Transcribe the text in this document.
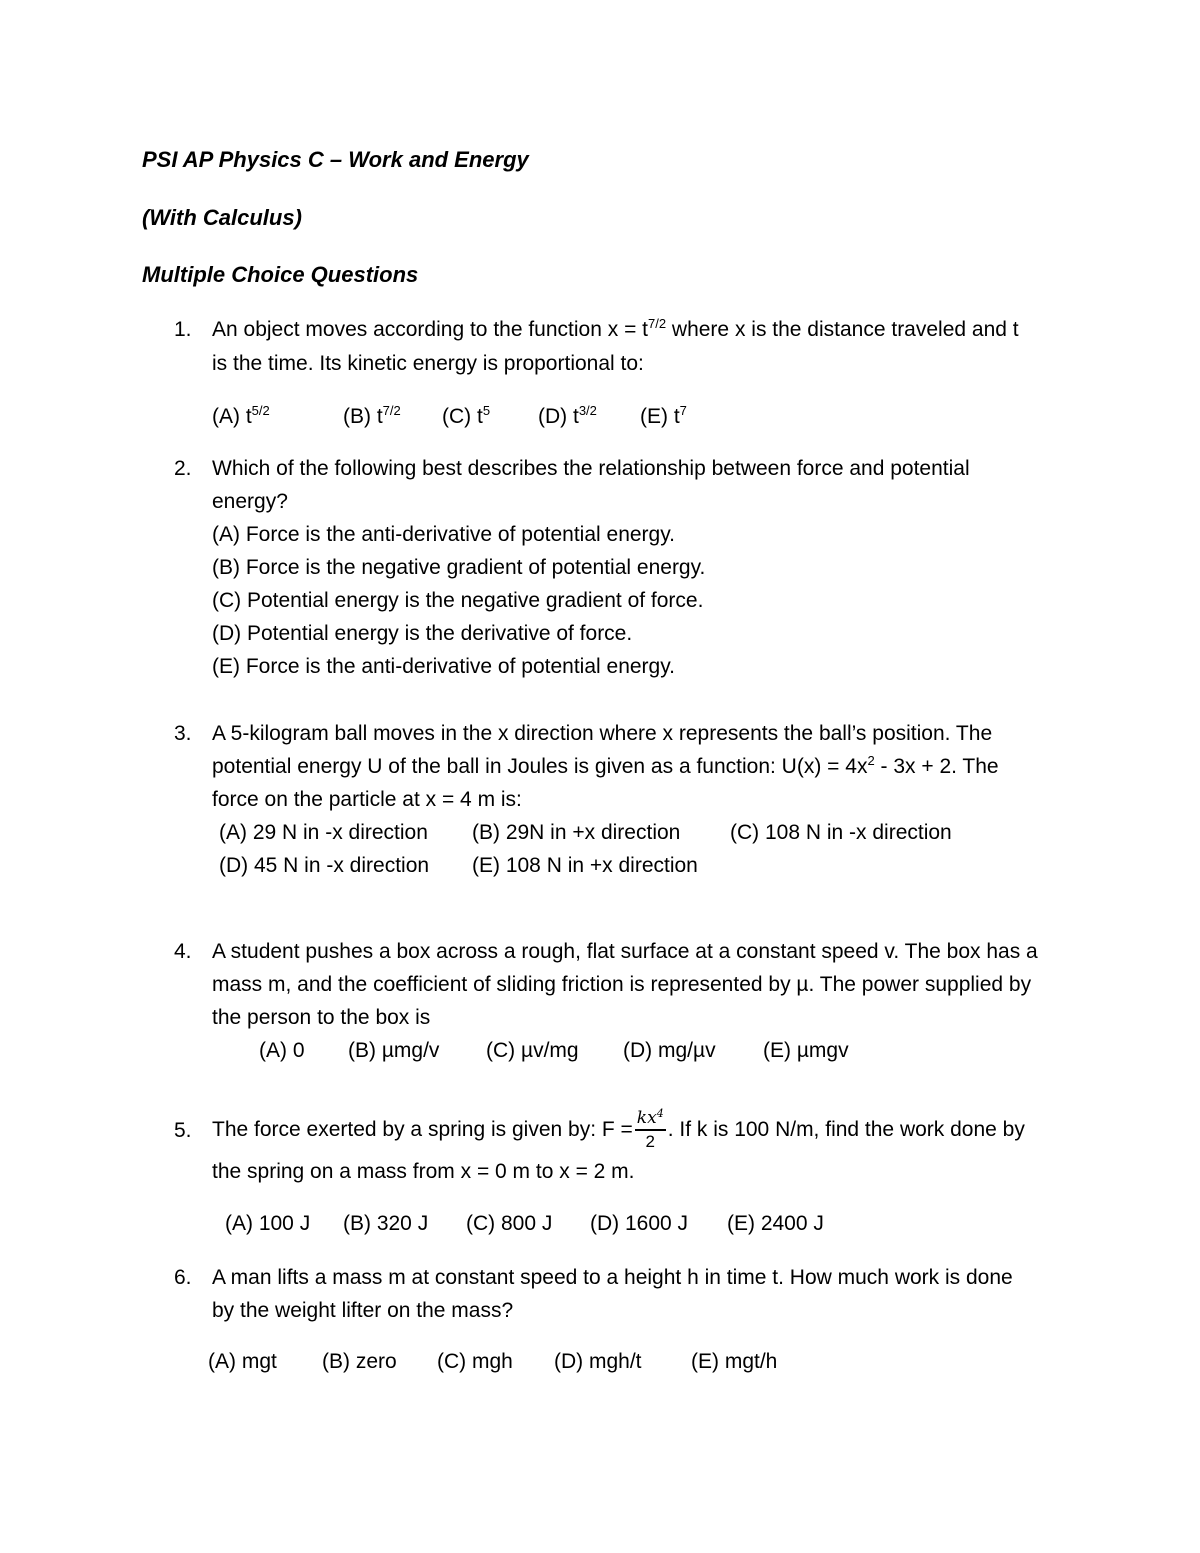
PSI AP Physics C – Work and Energy
(With Calculus)
Multiple Choice Questions
1. An object moves according to the function $x = t^{7/2}$ where x is the distance traveled and t
is the time. Its kinetic energy is proportional to:
(A) $t^{5/2}$	(B) $t^{7/2}$ (C) $t^5$ (D) $t^{3/2}$ (E) $t^7$
2. Which of the following best describes the relationship between force and potential
energy?
(A) Force is the anti-derivative of potential energy.
(B) Force is the negative gradient of potential energy.
(C) Potential energy is the negative gradient of force.
(D) Potential energy is the derivative of force.
(E) Force is the anti-derivative of potential energy.
3. A 5-kilogram ball moves in the x direction where x represents the ball’s position. The
potential energy U of the ball in Joules is given as a function: $U(x) = 4x^2 - 3x + 2$. The
force on the particle at x = 4 m is:
(A) 29 N in -x direction (B) 29N in +x direction (C) 108 N in -x direction
(D) 45 N in -x direction (E) 108 N in +x direction
4. A student pushes a box across a rough, flat surface at a constant speed v. The box has a
mass m, and the coefficient of sliding friction is represented by µ. The power supplied by
the person to the box is
(A) 0 (B) µmg/v (C) µv/mg (D) mg/µv (E) µmgv
5. The force exerted by a spring is given by: $F = \frac{kx^4}{2}$ . If k is 100 N/m, find the work done by
the spring on a mass from x = 0 m to x = 2 m.
(A) 100 J (B) 320 J (C) 800 J (D) 1600 J (E) 2400 J
6. A man lifts a mass m at constant speed to a height h in time t. How much work is done
by the weight lifter on the mass?
(A) mgt (B) zero (C) mgh (D) mgh/t (E) mgt/h
